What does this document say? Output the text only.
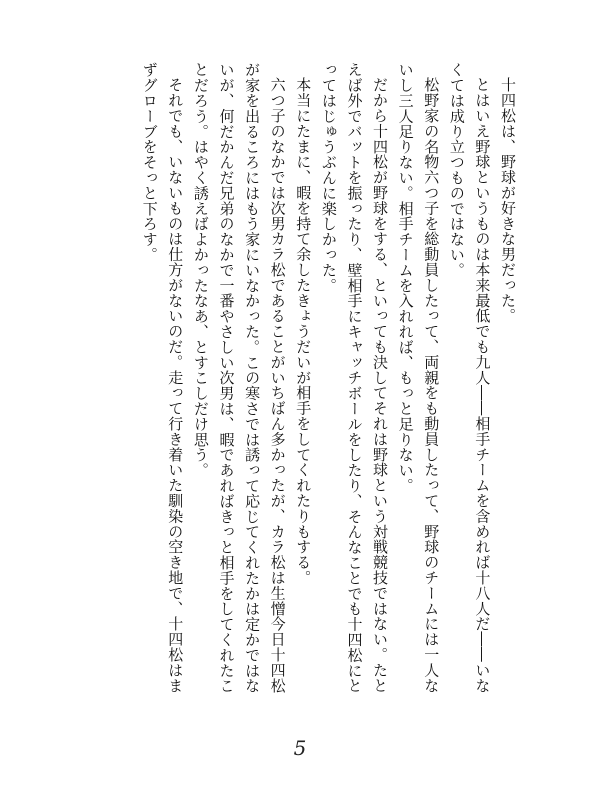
十四松は、野球が好きな男だった。

とはいえ野球というものは本来最低でも九人――相手チームを含めれば十八人だ――いなくては成り立つものではない。

松野家の名物六つ子を総動員したって、両親をも動員したって、野球のチームには一人ないし三人足りない。相手チームを入れれば、もっと足りない。

だから十四松が野球をする、といっても決してそれは野球という対戦競技ではない。たとえば外でバットを振ったり、壁相手にキャッチボールをしたり、そんなことでも十四松にとってはじゅうぶんに楽しかった。

本当にたまに、暇を持て余したきょうだいが相手をしてくれたりもする。

六つ子のなかでは次男カラ松であることがいちばん多かったが、カラ松は生憎今日十四松が家を出るころにはもう家にいなかった。この寒さでは誘って応じてくれたかは定かではないが、何だかんだ兄弟のなかで一番やさしい次男は、暇であればきっと相手をしてくれたことだろう。はやく誘えばよかったなあ、とすこしだけ思う。

それでも、いないものは仕方がないのだ。走って行き着いた馴染の空き地で、十四松はまずグローブをそっと下ろす。

5
